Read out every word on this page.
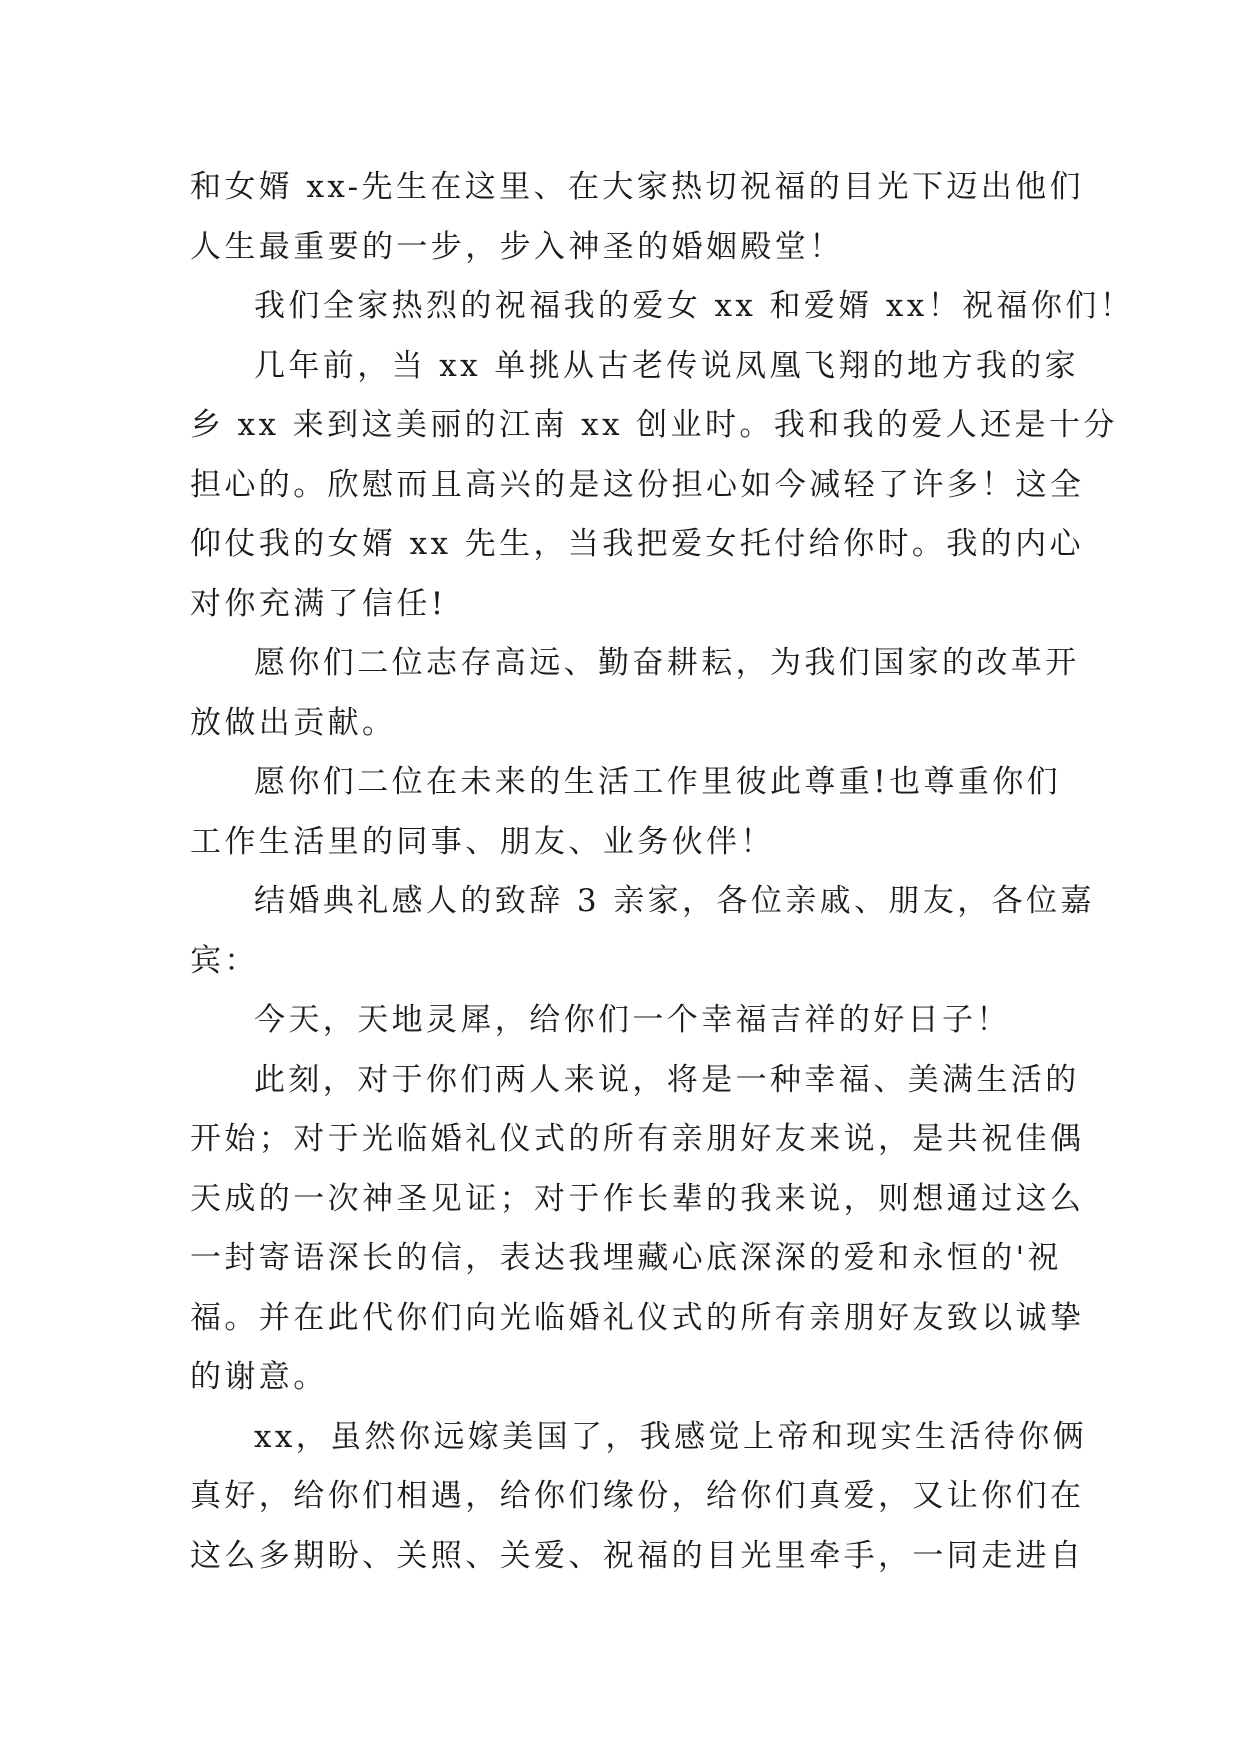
和女婿 xx-先生在这里、在大家热切祝福的目光下迈出他们
人生最重要的一步，步入神圣的婚姻殿堂！
我们全家热烈的祝福我的爱女 xx 和爱婿 xx！祝福你们！
几年前，当 xx 单挑从古老传说凤凰飞翔的地方我的家
乡 xx 来到这美丽的江南 xx 创业时。我和我的爱人还是十分
担心的。欣慰而且高兴的是这份担心如今减轻了许多！这全
仰仗我的女婿 xx 先生，当我把爱女托付给你时。我的内心
对你充满了信任!
愿你们二位志存高远、勤奋耕耘，为我们国家的改革开
放做出贡献。
愿你们二位在未来的生活工作里彼此尊重!也尊重你们
工作生活里的同事、朋友、业务伙伴！
结婚典礼感人的致辞 3 亲家，各位亲戚、朋友，各位嘉
宾：
今天，天地灵犀，给你们一个幸福吉祥的好日子！
此刻，对于你们两人来说，将是一种幸福、美满生活的
开始；对于光临婚礼仪式的所有亲朋好友来说，是共祝佳偶
天成的一次神圣见证；对于作长辈的我来说，则想通过这么
一封寄语深长的信，表达我埋藏心底深深的爱和永恒的'祝
福。并在此代你们向光临婚礼仪式的所有亲朋好友致以诚挚
的谢意。
xx，虽然你远嫁美国了，我感觉上帝和现实生活待你俩
真好，给你们相遇，给你们缘份，给你们真爱，又让你们在
这么多期盼、关照、关爱、祝福的目光里牵手，一同走进自
